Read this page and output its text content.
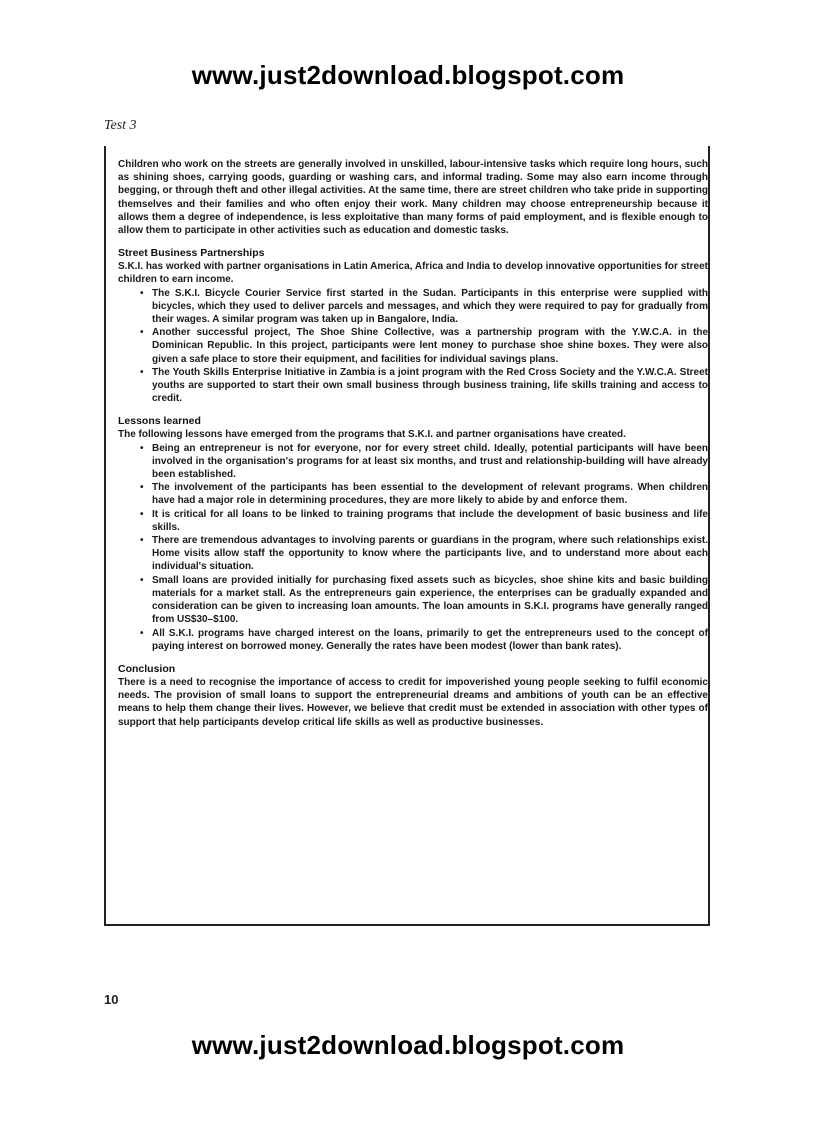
www.just2download.blogspot.com
Test 3

Children who work on the streets are generally involved in unskilled, labour-intensive tasks which require long hours, such as shining shoes, carrying goods, guarding or washing cars, and informal trading. Some may also earn income through begging, or through theft and other illegal activities. At the same time, there are street children who take pride in supporting themselves and their families and who often enjoy their work. Many children may choose entrepreneurship because it allows them a degree of independence, is less exploitative than many forms of paid employment, and is flexible enough to allow them to participate in other activities such as education and domestic tasks.

Street Business Partnerships

S.K.I. has worked with partner organisations in Latin America, Africa and India to develop innovative opportunities for street children to earn income.

• The S.K.I. Bicycle Courier Service first started in the Sudan. Participants in this enterprise were supplied with bicycles, which they used to deliver parcels and messages, and which they were required to pay for gradually from their wages. A similar program was taken up in Bangalore, India.
• Another successful project, The Shoe Shine Collective, was a partnership program with the Y.W.C.A. in the Dominican Republic. In this project, participants were lent money to purchase shoe shine boxes. They were also given a safe place to store their equipment, and facilities for individual savings plans.
• The Youth Skills Enterprise Initiative in Zambia is a joint program with the Red Cross Society and the Y.W.C.A. Street youths are supported to start their own small business through business training, life skills training and access to credit.
Lessons learned

The following lessons have emerged from the programs that S.K.I. and partner organisations have created.

• Being an entrepreneur is not for everyone, nor for every street child. Ideally, potential participants will have been involved in the organisation's programs for at least six months, and trust and relationship-building will have already been established.
• The involvement of the participants has been essential to the development of relevant programs. When children have had a major role in determining procedures, they are more likely to abide by and enforce them.
• It is critical for all loans to be linked to training programs that include the development of basic business and life skills.
• There are tremendous advantages to involving parents or guardians in the program, where such relationships exist. Home visits allow staff the opportunity to know where the participants live, and to understand more about each individual's situation.
• Small loans are provided initially for purchasing fixed assets such as bicycles, shoe shine kits and basic building materials for a market stall. As the entrepreneurs gain experience, the enterprises can be gradually expanded and consideration can be given to increasing loan amounts. The loan amounts in S.K.I. programs have generally ranged from US$30–$100.
• All S.K.I. programs have charged interest on the loans, primarily to get the entrepreneurs used to the concept of paying interest on borrowed money. Generally the rates have been modest (lower than bank rates).
Conclusion

There is a need to recognise the importance of access to credit for impoverished young people seeking to fulfil economic needs. The provision of small loans to support the entrepreneurial dreams and ambitions of youth can be an effective means to help them change their lives. However, we believe that credit must be extended in association with other types of support that help participants develop critical life skills as well as productive businesses.

10
www.just2download.blogspot.com
